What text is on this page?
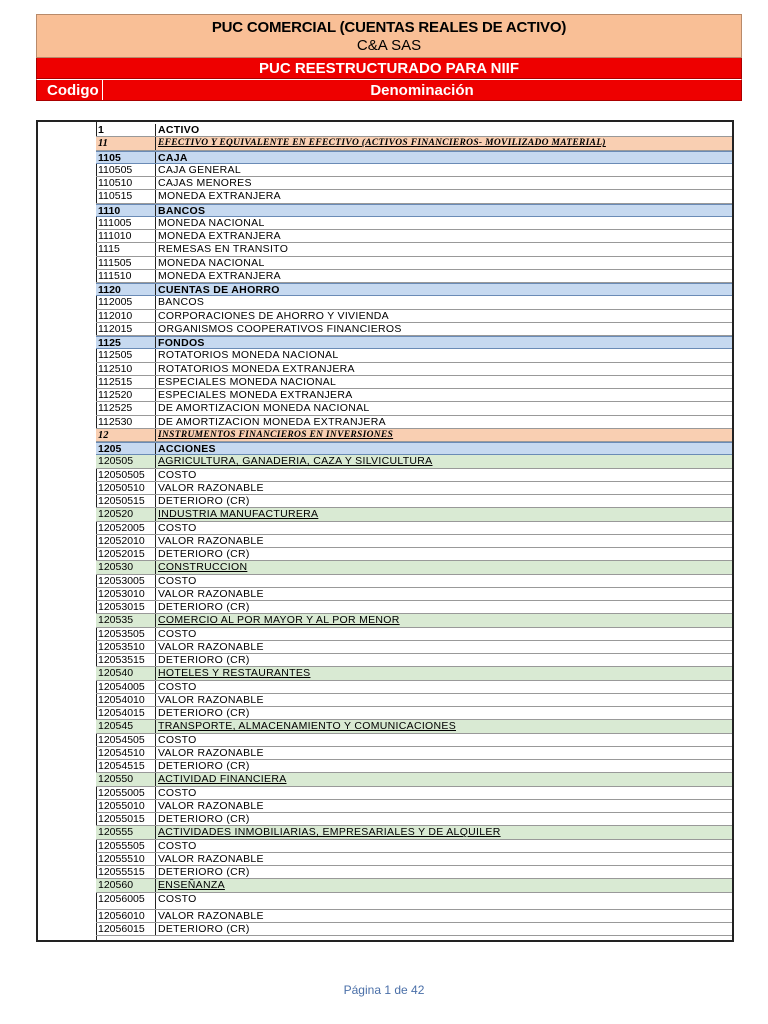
PUC COMERCIAL (CUENTAS REALES DE ACTIVO)
C&A SAS
PUC REESTRUCTURADO PARA NIIF
Codigo	Denominación
1	ACTIVO
11	EFECTIVO Y EQUIVALENTE EN EFECTIVO (ACTIVOS FINANCIEROS- MOVILIZADO MATERIAL)
1105	CAJA
110505	CAJA GENERAL
110510	CAJAS MENORES
110515	MONEDA EXTRANJERA
1110	BANCOS
111005	MONEDA NACIONAL
111010	MONEDA EXTRANJERA
1115	REMESAS EN TRANSITO
111505	MONEDA NACIONAL
111510	MONEDA EXTRANJERA
1120	CUENTAS DE AHORRO
112005	BANCOS
112010	CORPORACIONES DE AHORRO Y VIVIENDA
112015	ORGANISMOS COOPERATIVOS FINANCIEROS
1125	FONDOS
112505	ROTATORIOS MONEDA NACIONAL
112510	ROTATORIOS MONEDA EXTRANJERA
112515	ESPECIALES MONEDA NACIONAL
112520	ESPECIALES MONEDA EXTRANJERA
112525	DE AMORTIZACION MONEDA NACIONAL
112530	DE AMORTIZACION MONEDA EXTRANJERA
12	INSTRUMENTOS FINANCIEROS EN INVERSIONES
1205	ACCIONES
120505	AGRICULTURA, GANADERIA, CAZA Y SILVICULTURA
12050505	COSTO
12050510	VALOR RAZONABLE
12050515	DETERIORO (CR)
120520	INDUSTRIA MANUFACTURERA
12052005	COSTO
12052010	VALOR RAZONABLE
12052015	DETERIORO (CR)
120530	CONSTRUCCION
12053005	COSTO
12053010	VALOR RAZONABLE
12053015	DETERIORO (CR)
120535	COMERCIO AL POR MAYOR Y AL POR MENOR
12053505	COSTO
12053510	VALOR RAZONABLE
12053515	DETERIORO (CR)
120540	HOTELES Y RESTAURANTES
12054005	COSTO
12054010	VALOR RAZONABLE
12054015	DETERIORO (CR)
120545	TRANSPORTE, ALMACENAMIENTO Y COMUNICACIONES
12054505	COSTO
12054510	VALOR RAZONABLE
12054515	DETERIORO (CR)
120550	ACTIVIDAD FINANCIERA
12055005	COSTO
12055010	VALOR RAZONABLE
12055015	DETERIORO (CR)
120555	ACTIVIDADES INMOBILIARIAS, EMPRESARIALES Y DE ALQUILER
12055505	COSTO
12055510	VALOR RAZONABLE
12055515	DETERIORO (CR)
120560	ENSEÑANZA
12056005	COSTO
12056010	VALOR RAZONABLE
12056015	DETERIORO (CR)
Página 1 de 42
